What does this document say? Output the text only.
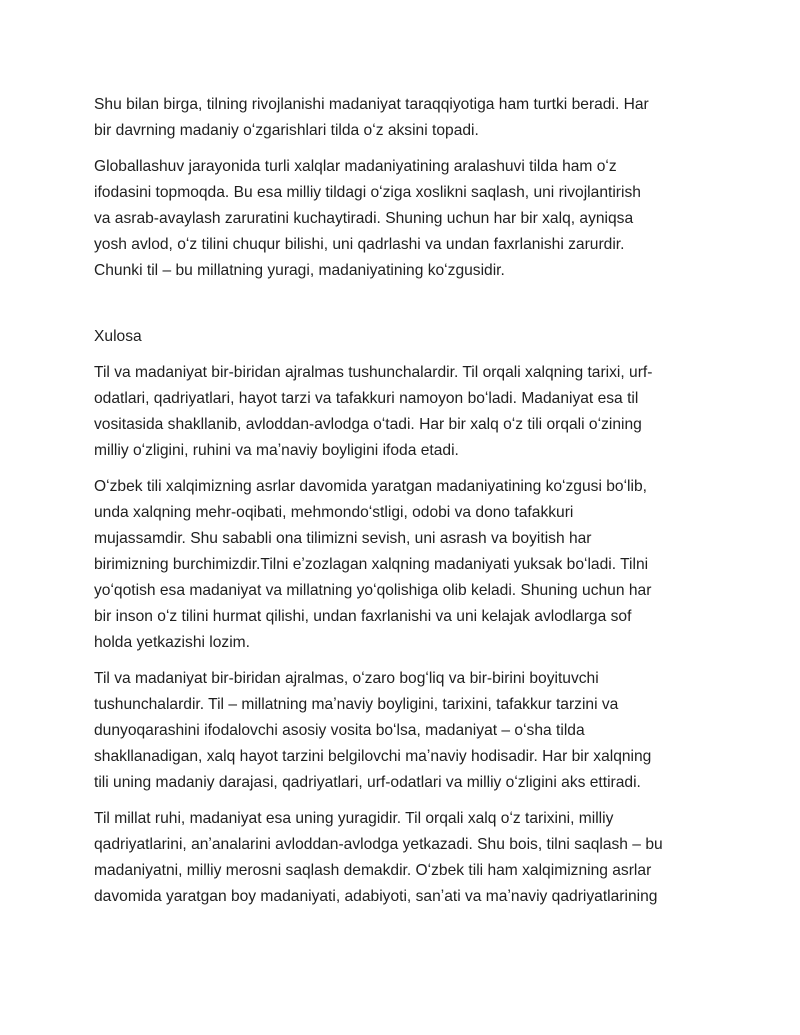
Shu bilan birga, tilning rivojlanishi madaniyat taraqqiyotiga ham turtki beradi. Har
bir davrning madaniy oʻzgarishlari tilda oʻz aksini topadi.
Globallashuv jarayonida turli xalqlar madaniyatining aralashuvi tilda ham oʻz
ifodasini topmoqda. Bu esa milliy tildagi oʻziga xoslikni saqlash, uni rivojlantirish
va asrab-avaylash zaruratini kuchaytiradi. Shuning uchun har bir xalq, ayniqsa
yosh avlod, oʻz tilini chuqur bilishi, uni qadrlashi va undan faxrlanishi zarurdir.
Chunki til – bu millatning yuragi, madaniyatining koʻzgusidir.
Xulosa
Til va madaniyat bir-biridan ajralmas tushunchalardir. Til orqali xalqning tarixi, urf-
odatlari, qadriyatlari, hayot tarzi va tafakkuri namoyon boʻladi. Madaniyat esa til
vositasida shakllanib, avloddan-avlodga oʻtadi. Har bir xalq oʻz tili orqali oʻzining
milliy oʻzligini, ruhini va maʼnaviy boyligini ifoda etadi.
Oʻzbek tili xalqimizning asrlar davomida yaratgan madaniyatining koʻzgusi boʻlib,
unda xalqning mehr-oqibati, mehmondoʻstligi, odobi va dono tafakkuri
mujassamdir. Shu sababli ona tilimizni sevish, uni asrash va boyitish har
birimizning burchimizdir.Tilni eʼzozlagan xalqning madaniyati yuksak boʻladi. Tilni
yoʻqotish esa madaniyat va millatning yoʻqolishiga olib keladi. Shuning uchun har
bir inson oʻz tilini hurmat qilishi, undan faxrlanishi va uni kelajak avlodlarga sof
holda yetkazishi lozim.
Til va madaniyat bir-biridan ajralmas, oʻzaro bogʻliq va bir-birini boyituvchi
tushunchalardir. Til – millatning maʼnaviy boyligini, tarixini, tafakkur tarzini va
dunyoqarashini ifodalovchi asosiy vosita boʻlsa, madaniyat – oʻsha tilda
shakllanadigan, xalq hayot tarzini belgilovchi maʼnaviy hodisadir. Har bir xalqning
tili uning madaniy darajasi, qadriyatlari, urf-odatlari va milliy oʻzligini aks ettiradi.
Til millat ruhi, madaniyat esa uning yuragidir. Til orqali xalq oʻz tarixini, milliy
qadriyatlarini, anʼanalarini avloddan-avlodga yetkazadi. Shu bois, tilni saqlash – bu
madaniyatni, milliy merosni saqlash demakdir. Oʻzbek tili ham xalqimizning asrlar
davomida yaratgan boy madaniyati, adabiyoti, sanʼati va maʼnaviy qadriyatlarining
